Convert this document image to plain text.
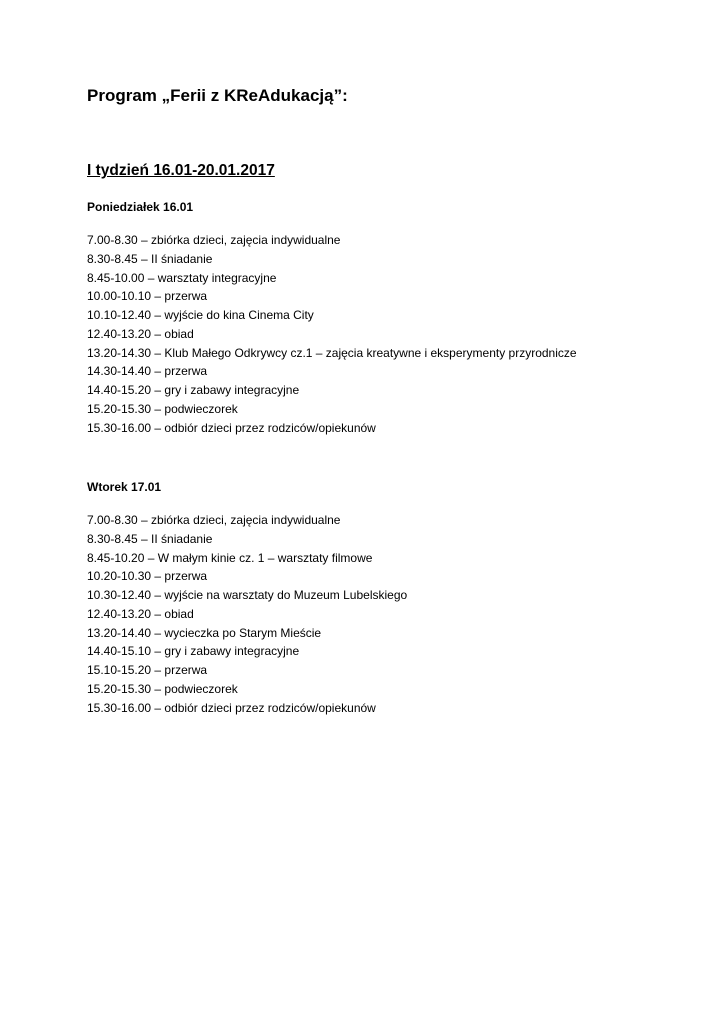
Program „Ferii z KReAdukacją”:
I tydzień 16.01-20.01.2017
Poniedziałek 16.01
7.00-8.30 – zbiórka dzieci, zajęcia indywidualne
8.30-8.45 – II śniadanie
8.45-10.00 – warsztaty integracyjne
10.00-10.10 – przerwa
10.10-12.40 – wyjście do kina Cinema City
12.40-13.20 – obiad
13.20-14.30 – Klub Małego Odkrywcy cz.1 – zajęcia kreatywne i eksperymenty przyrodnicze
14.30-14.40 – przerwa
14.40-15.20 – gry i zabawy integracyjne
15.20-15.30 – podwieczorek
15.30-16.00 – odbiór dzieci przez rodziców/opiekunów
Wtorek 17.01
7.00-8.30 – zbiórka dzieci, zajęcia indywidualne
8.30-8.45 – II śniadanie
8.45-10.20 – W małym kinie cz. 1 – warsztaty filmowe
10.20-10.30 – przerwa
10.30-12.40 – wyjście na warsztaty do Muzeum Lubelskiego
12.40-13.20 – obiad
13.20-14.40 – wycieczka po Starym Mieście
14.40-15.10 – gry i zabawy integracyjne
15.10-15.20 – przerwa
15.20-15.30 – podwieczorek
15.30-16.00 – odbiór dzieci przez rodziców/opiekunów
